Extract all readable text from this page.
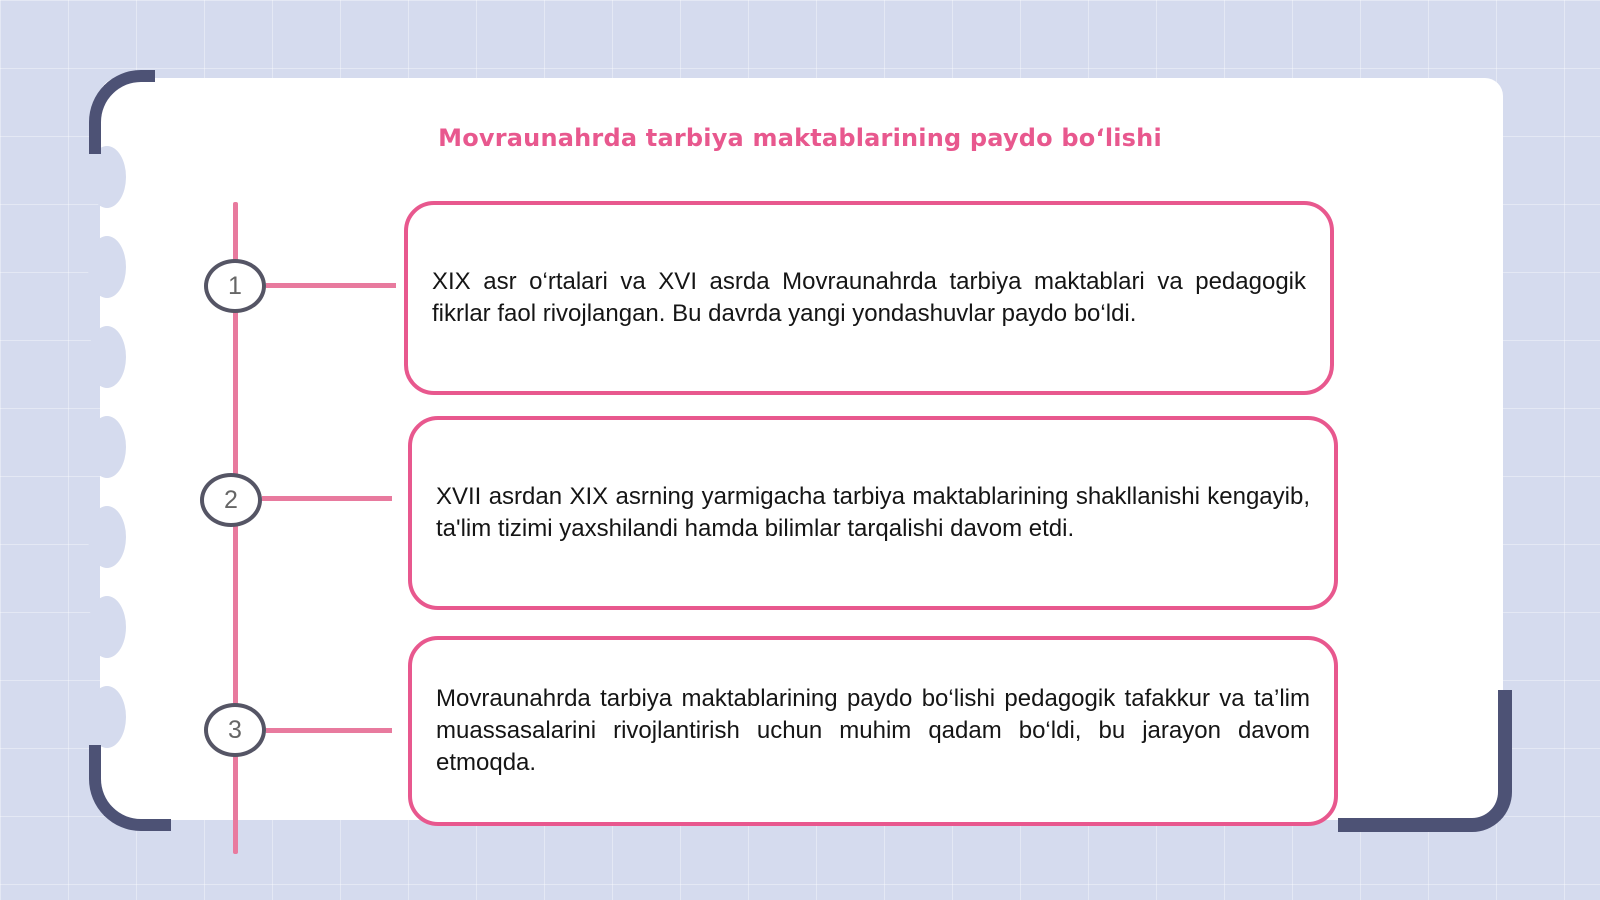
Movraunahrda tarbiya maktablarining paydo bo‘lishi
1
2
3

XIX asr o‘rtalari va XVI asrda Movraunahrda tarbiya maktablari va pedagogik fikrlar faol rivojlangan. Bu davrda yangi yondashuvlar paydo bo‘ldi.

XVII asrdan XIX asrning yarmigacha tarbiya maktablarining shakllanishi kengayib, ta'lim tizimi yaxshilandi hamda bilimlar tarqalishi davom etdi.

Movraunahrda tarbiya maktablarining paydo bo‘lishi pedagogik tafakkur va ta’lim muassasalarini rivojlantirish uchun muhim qadam bo‘ldi, bu jarayon davom etmoqda.
